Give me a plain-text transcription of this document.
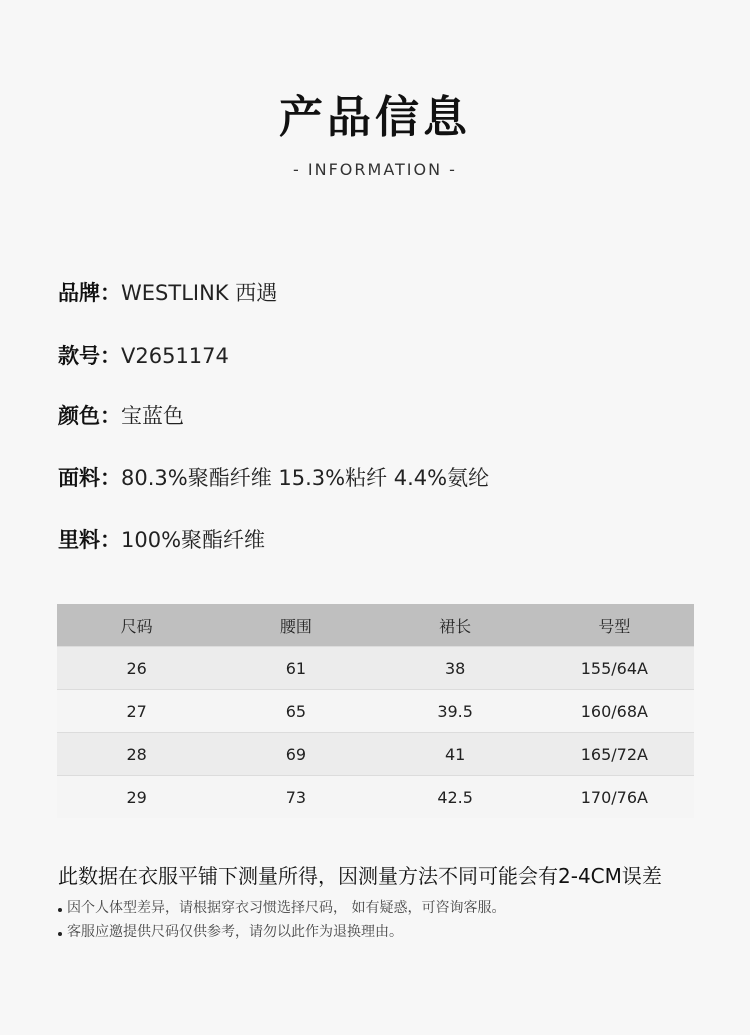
产品信息
- INFORMATION -
品牌：WESTLINK 西遇
款号：V2651174
颜色：宝蓝色
面料：80.3%聚酯纤维 15.3%粘纤 4.4%氨纶
里料：100%聚酯纤维
尺码	腰围	裙长	号型
26	61	38	155/64A
27	65	39.5	160/68A
28	69	41	165/72A
29	73	42.5	170/76A
此数据在衣服平铺下测量所得，因测量方法不同可能会有2-4CM误差
因个人体型差异，请根据穿衣习惯选择尺码， 如有疑惑，可咨询客服。
客服应邀提供尺码仅供参考，请勿以此作为退换理由。
